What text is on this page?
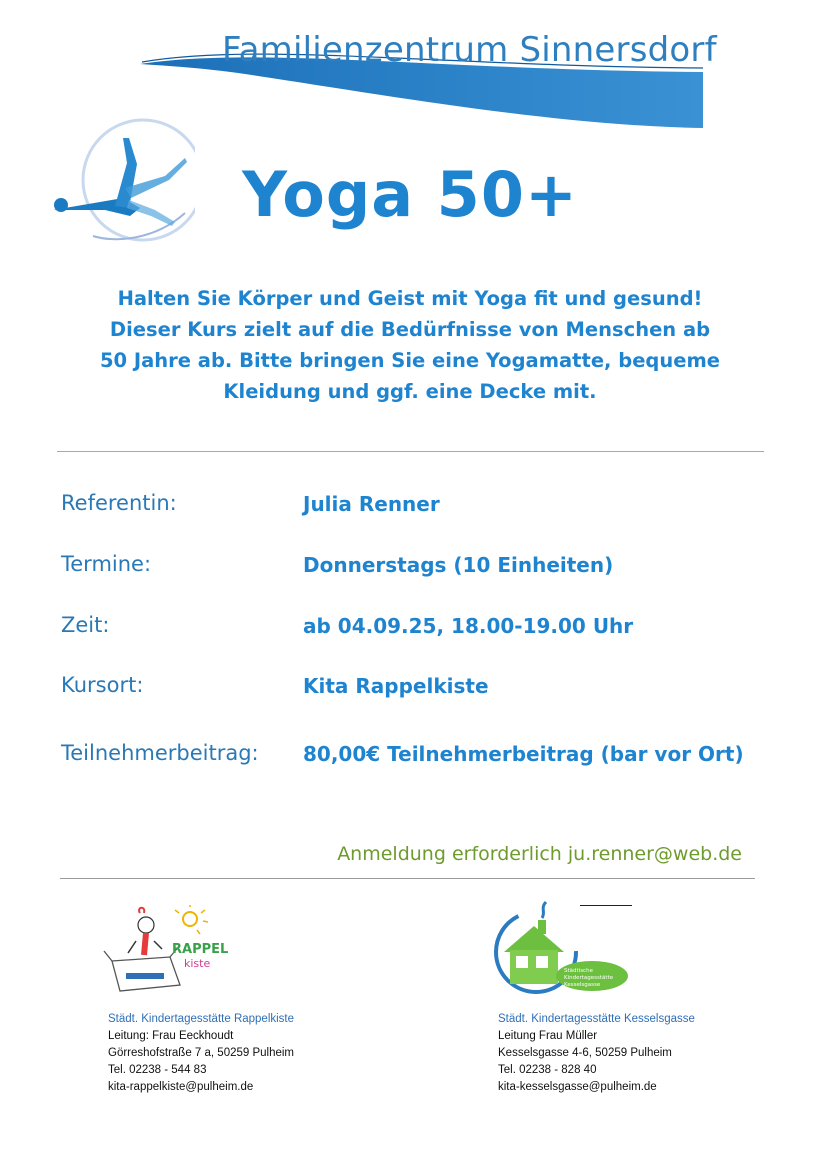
Familienzentrum Sinnersdorf
Yoga 50+
Halten Sie Körper und Geist mit Yoga fit und gesund!
Dieser Kurs zielt auf die Bedürfnisse von Menschen ab
50 Jahre ab. Bitte bringen Sie eine Yogamatte, bequeme
Kleidung und ggf. eine Decke mit.
Referentin:	Julia Renner
Termine:	Donnerstags (10 Einheiten)
Zeit:	ab 04.09.25, 18.00-19.00 Uhr
Kursort:	Kita Rappelkiste
Teilnehmerbeitrag: 80,00€ Teilnehmerbeitrag (bar vor Ort)
Anmeldung erforderlich ju.renner@web.de
RAPPEL
kiste
Städtische
Kindertagesstätte
Kesselsgasse
Städt. Kindertagesstätte Rappelkiste
Leitung: Frau Eeckhoudt
Görreshofstraße 7 a, 50259 Pulheim
Tel. 02238 - 544 83
kita-rappelkiste@pulheim.de
Städt. Kindertagesstätte Kesselsgasse
Leitung Frau Müller
Kesselsgasse 4-6, 50259 Pulheim
Tel. 02238 - 828 40
kita-kesselsgasse@pulheim.de
